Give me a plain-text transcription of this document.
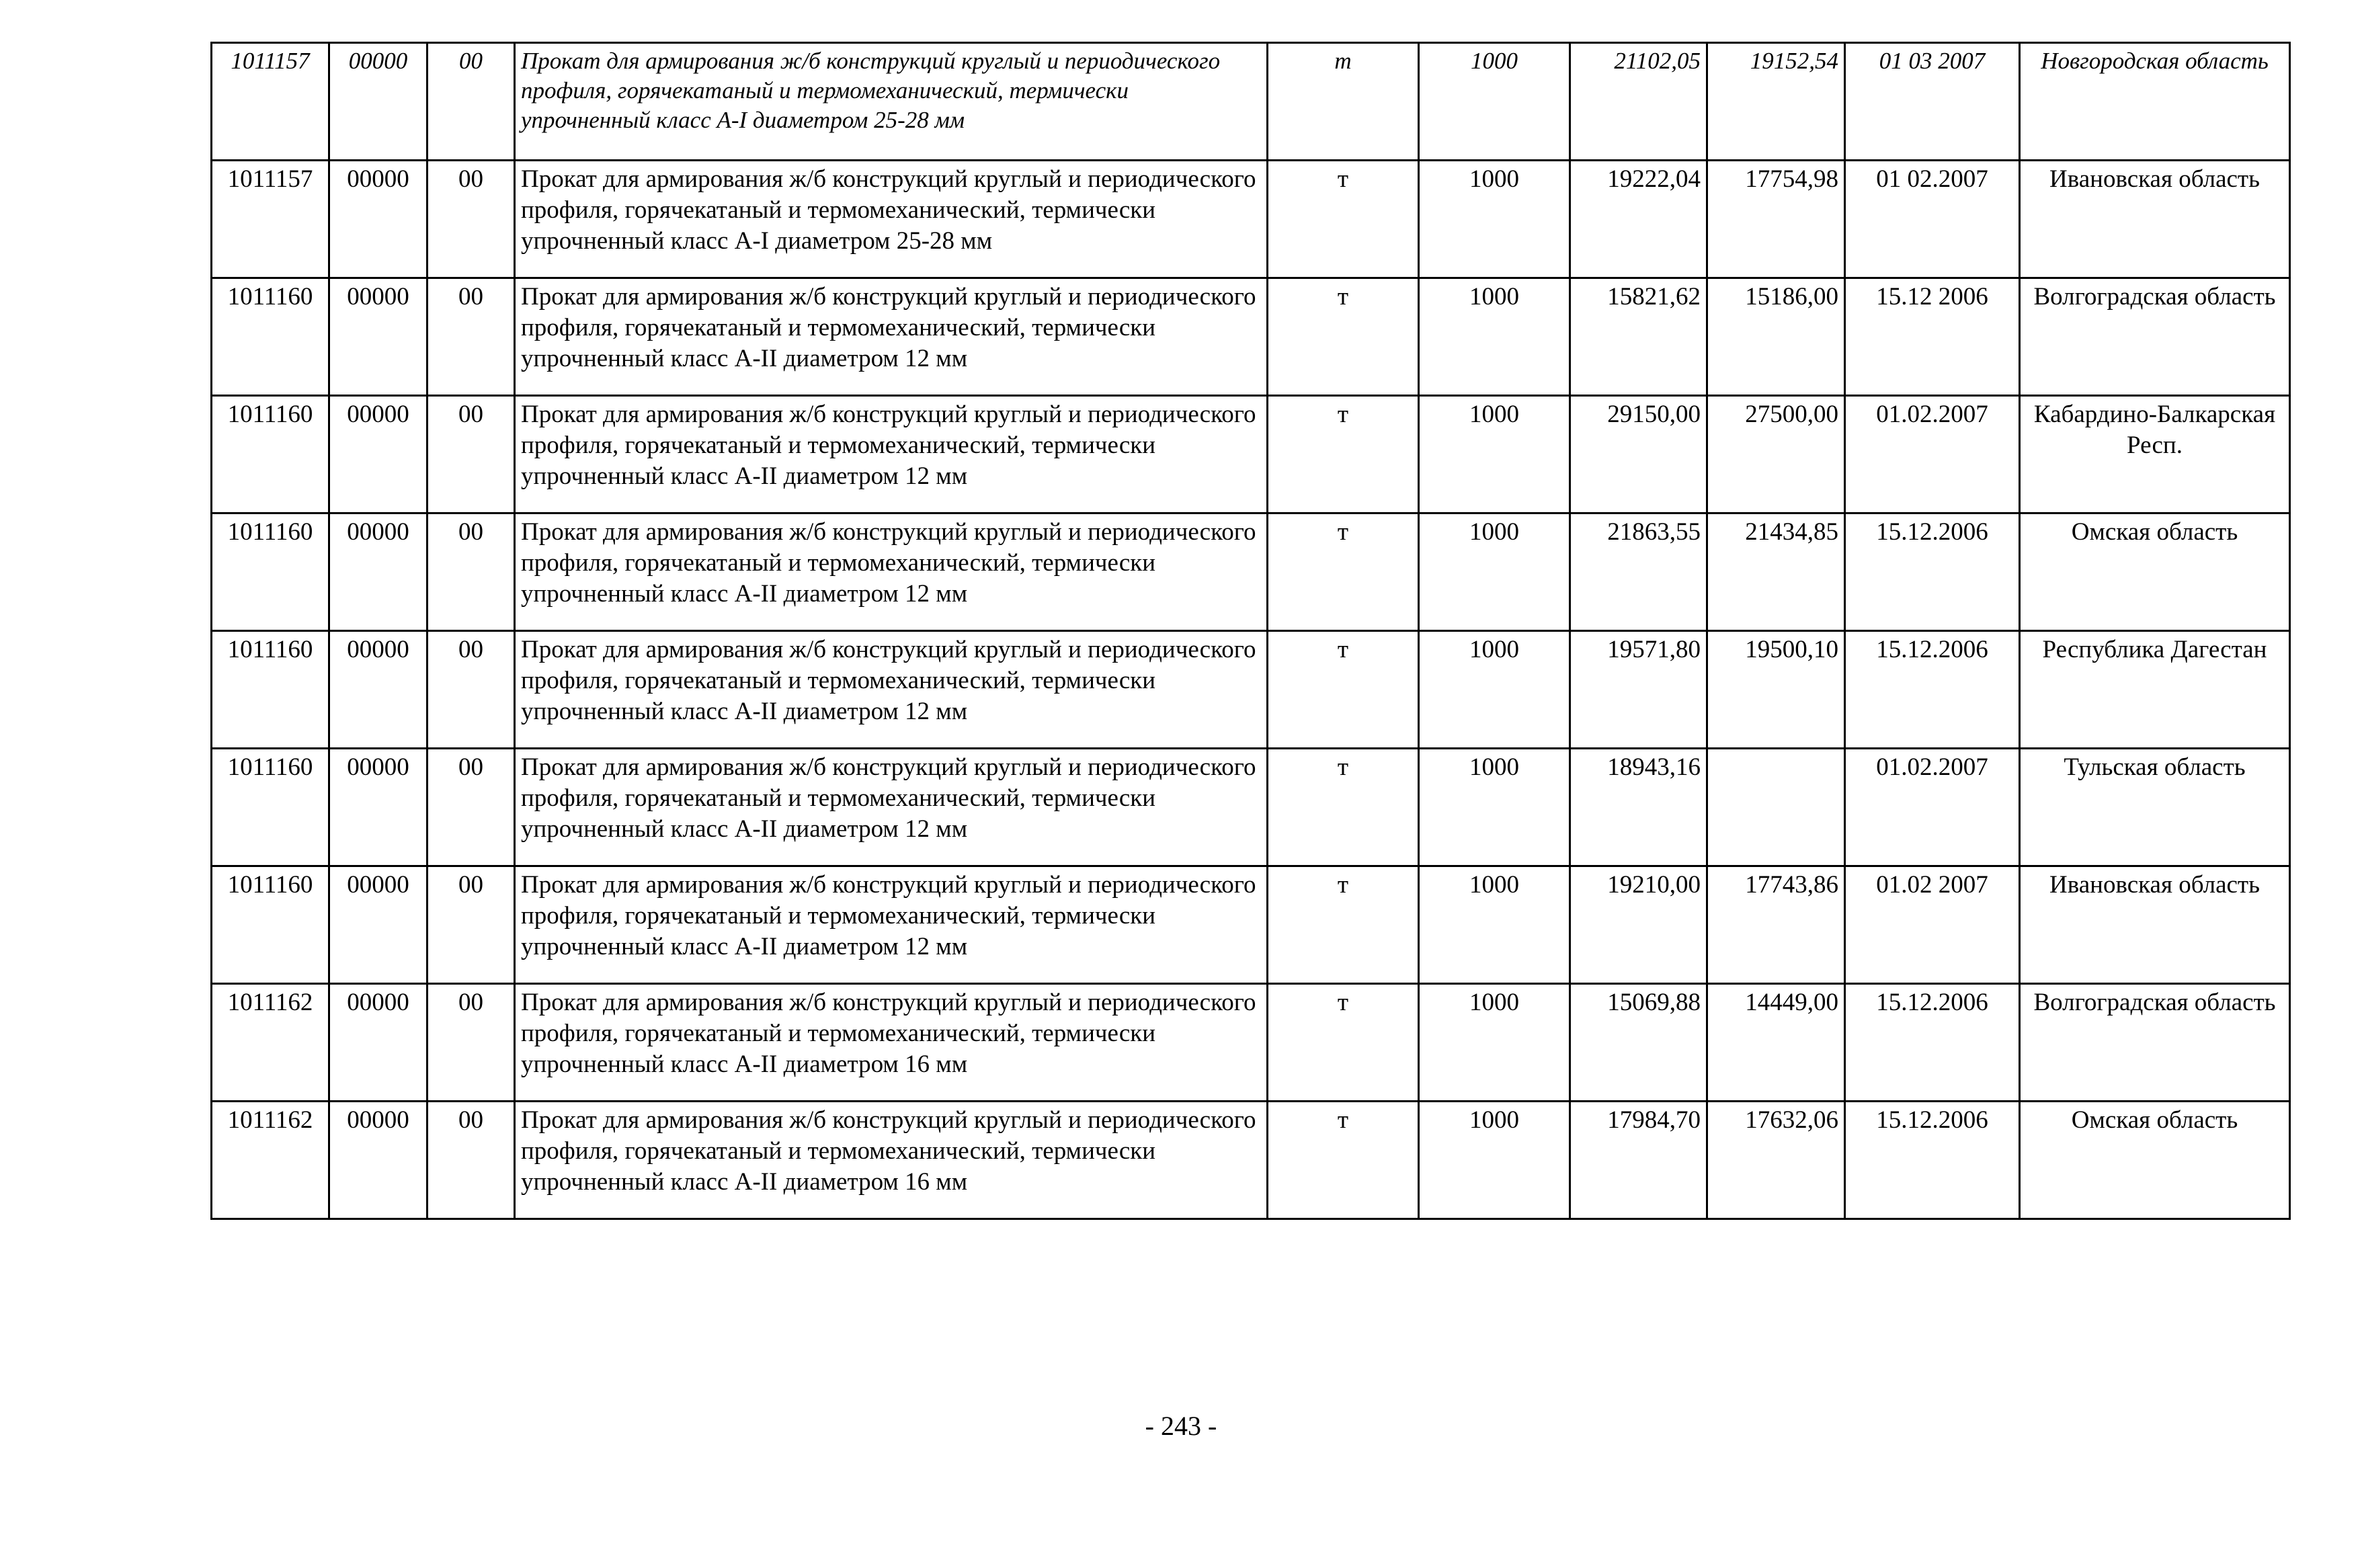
1011157	00000	00	Прокат для армирования ж/б конструкций круглый и периодического профиля, горячекатаный и термомеханический, термически упрочненный класс А-I диаметром 25-28 мм	т	1000	21102,05	19152,54	01 03 2007	Новгородская область
1011157	00000	00	Прокат для армирования ж/б конструкций круглый и периодического профиля, горячекатаный и термомеханический, термически упрочненный класс А-I диаметром 25-28 мм	т	1000	19222,04	17754,98	01 02.2007	Ивановская область
1011160	00000	00	Прокат для армирования ж/б конструкций круглый и периодического профиля, горячекатаный и термомеханический, термически упрочненный класс А-II диаметром 12 мм	т	1000	15821,62	15186,00	15.12 2006	Волгоградская область
1011160	00000	00	Прокат для армирования ж/б конструкций круглый и периодического профиля, горячекатаный и термомеханический, термически упрочненный класс А-II диаметром 12 мм	т	1000	29150,00	27500,00	01.02.2007	Кабардино-Балкарская Респ.
1011160	00000	00	Прокат для армирования ж/б конструкций круглый и периодического профиля, горячекатаный и термомеханический, термически упрочненный класс А-II диаметром 12 мм	т	1000	21863,55	21434,85	15.12.2006	Омская область
1011160	00000	00	Прокат для армирования ж/б конструкций круглый и периодического профиля, горячекатаный и термомеханический, термически упрочненный класс А-II диаметром 12 мм	т	1000	19571,80	19500,10	15.12.2006	Республика Дагестан
1011160	00000	00	Прокат для армирования ж/б конструкций круглый и периодического профиля, горячекатаный и термомеханический, термически упрочненный класс А-II диаметром 12 мм	т	1000	18943,16		01.02.2007	Тульская область
1011160	00000	00	Прокат для армирования ж/б конструкций круглый и периодического профиля, горячекатаный и термомеханический, термически упрочненный класс А-II диаметром 12 мм	т	1000	19210,00	17743,86	01.02 2007	Ивановская область
1011162	00000	00	Прокат для армирования ж/б конструкций круглый и периодического профиля, горячекатаный и термомеханический, термически упрочненный класс А-II диаметром 16 мм	т	1000	15069,88	14449,00	15.12.2006	Волгоградская область
1011162	00000	00	Прокат для армирования ж/б конструкций круглый и периодического профиля, горячекатаный и термомеханический, термически упрочненный класс А-II диаметром 16 мм	т	1000	17984,70	17632,06	15.12.2006	Омская область
- 243 -
